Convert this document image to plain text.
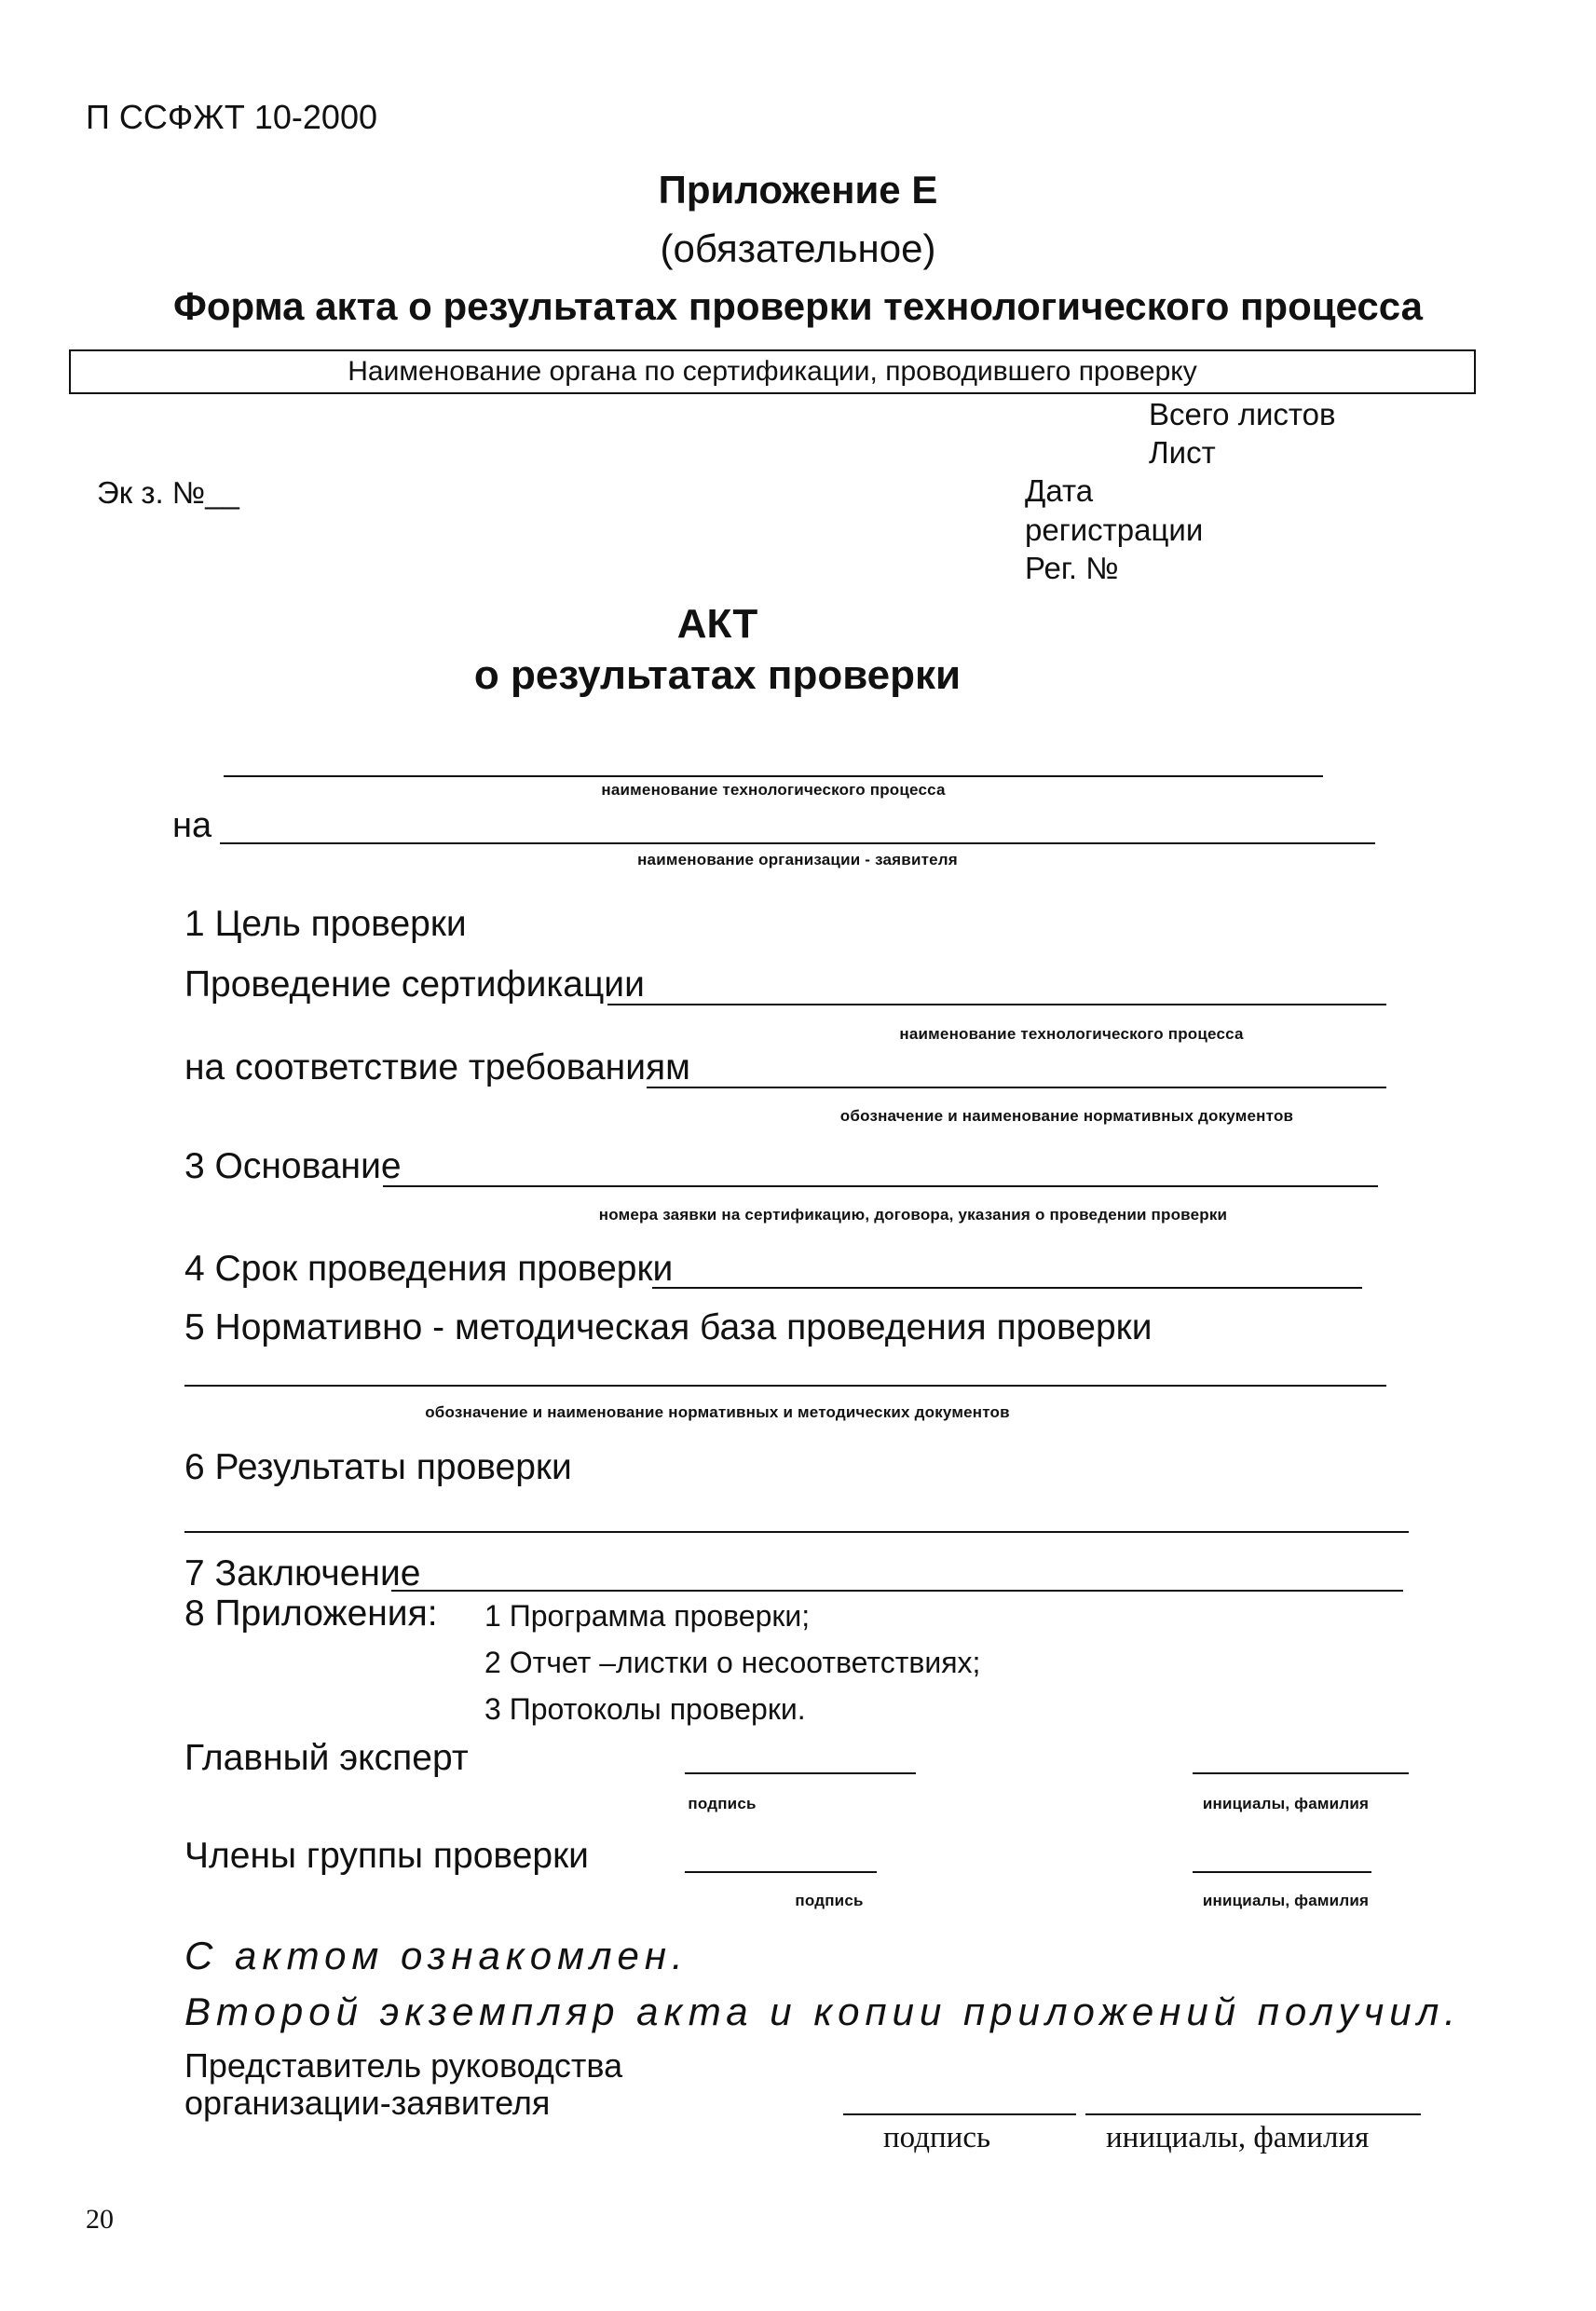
П ССФЖТ 10-2000
Приложение Е
(обязательное)
Форма акта о результатах проверки технологического процесса
Наименование органа по сертификации, проводившего проверку
Всего листов
Лист
Эк з. №__	Дата
регистрации
Рег. №
АКТ
о результатах проверки
наименование технологического процесса
на
наименование организации - заявителя
1 Цель проверки
Проведение сертификации
наименование технологического процесса
на соответствие требованиям
обозначение и наименование нормативных документов
3 Основание
номера заявки на сертификацию, договора, указания о проведении проверки
4 Срок проведения проверки
5 Нормативно - методическая база проведения проверки
обозначение и наименование нормативных и методических документов
6 Результаты проверки
7 Заключение
8 Приложения: 1 Программа проверки;
2 Отчет –листки о несоответствиях;
3 Протоколы проверки.
Главный эксперт
подпись	инициалы, фамилия
Члены группы проверки
подпись	инициалы, фамилия
С актом ознакомлен.
Второй экземпляр акта и копии приложений получил.
Представитель руководства
организации-заявителя
подпись	инициалы, фамилия
20
